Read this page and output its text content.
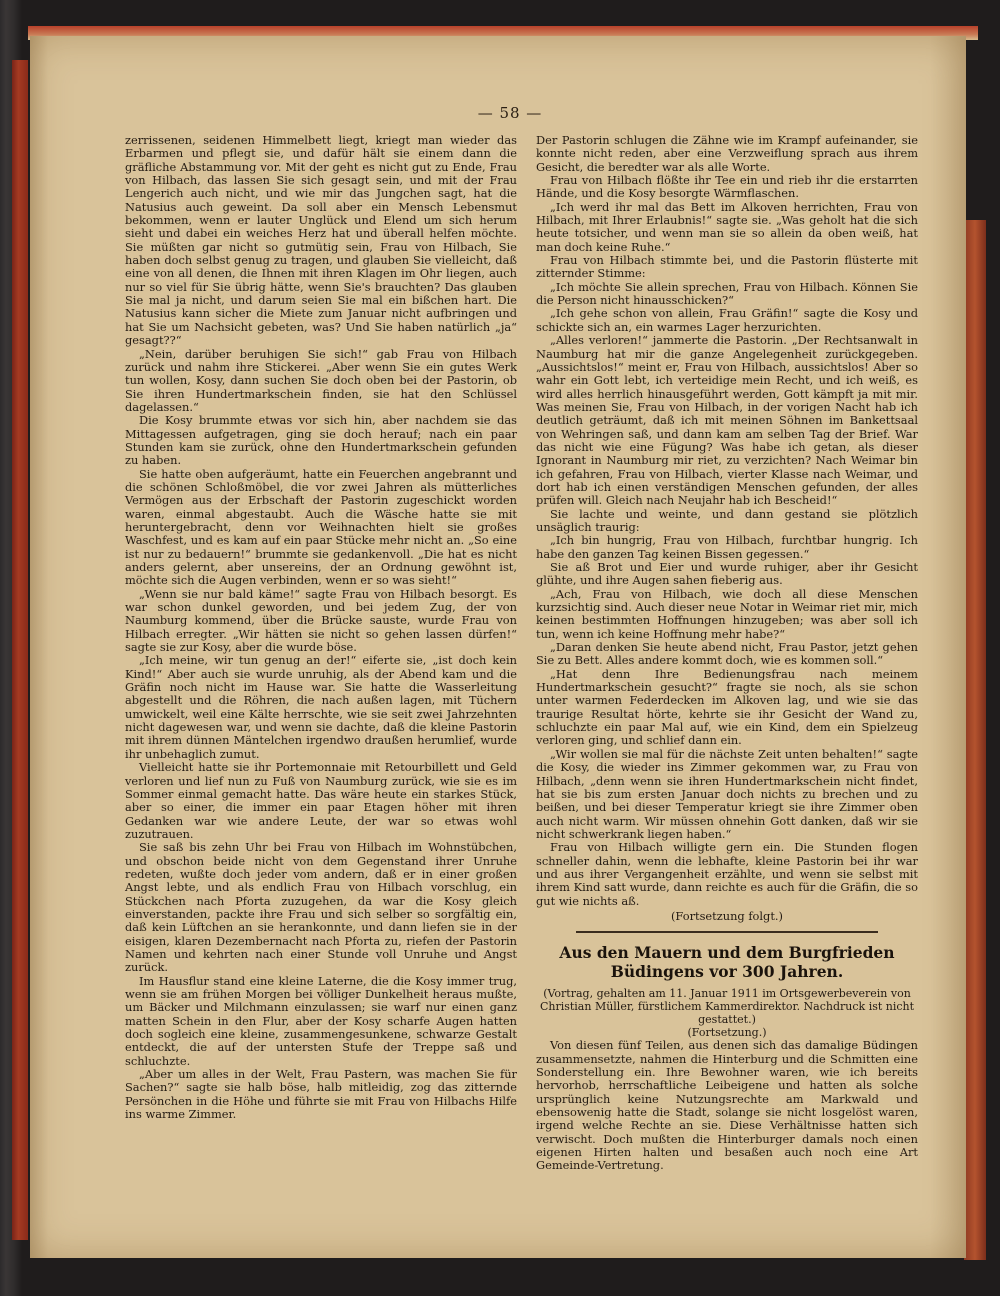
— 58 —

zerrissenen, seidenen Himmelbett liegt, kriegt man wieder das Erbarmen und pflegt sie, und dafür hält sie einem dann die gräfliche Abstammung vor. Mit der geht es nicht gut zu Ende, Frau von Hilbach, das lassen Sie sich gesagt sein, und mit der Frau Lengerich auch nicht, und wie mir das Jungchen sagt, hat die Natusius auch geweint. Da soll aber ein Mensch Lebensmut bekommen, wenn er lauter Unglück und Elend um sich herum sieht und dabei ein weiches Herz hat und überall helfen möchte. Sie müßten gar nicht so gutmütig sein, Frau von Hilbach, Sie haben doch selbst genug zu tragen, und glauben Sie vielleicht, daß eine von all denen, die Ihnen mit ihren Klagen im Ohr liegen, auch nur so viel für Sie übrig hätte, wenn Sie's brauchten? Das glauben Sie mal ja nicht, und darum seien Sie mal ein bißchen hart. Die Natusius kann sicher die Miete zum Januar nicht aufbringen und hat Sie um Nachsicht gebeten, was? Und Sie haben natürlich „ja“ gesagt??“

„Nein, darüber beruhigen Sie sich!“ gab Frau von Hilbach zurück und nahm ihre Stickerei. „Aber wenn Sie ein gutes Werk tun wollen, Kosy, dann suchen Sie doch oben bei der Pastorin, ob Sie ihren Hundertmarkschein finden, sie hat den Schlüssel dagelassen.“

Die Kosy brummte etwas vor sich hin, aber nachdem sie das Mittagessen aufgetragen, ging sie doch herauf; nach ein paar Stunden kam sie zurück, ohne den Hundertmarkschein gefunden zu haben.

Sie hatte oben aufgeräumt, hatte ein Feuerchen angebrannt und die schönen Schloßmöbel, die vor zwei Jahren als mütterliches Vermögen aus der Erbschaft der Pastorin zugeschickt worden waren, einmal abgestaubt. Auch die Wäsche hatte sie mit heruntergebracht, denn vor Weihnachten hielt sie großes Waschfest, und es kam auf ein paar Stücke mehr nicht an. „So eine ist nur zu bedauern!“ brummte sie gedankenvoll. „Die hat es nicht anders gelernt, aber unsereins, der an Ordnung gewöhnt ist, möchte sich die Augen verbinden, wenn er so was sieht!“

„Wenn sie nur bald käme!“ sagte Frau von Hilbach besorgt. Es war schon dunkel geworden, und bei jedem Zug, der von Naumburg kommend, über die Brücke sauste, wurde Frau von Hilbach erregter. „Wir hätten sie nicht so gehen lassen dürfen!“ sagte sie zur Kosy, aber die wurde böse.

„Ich meine, wir tun genug an der!“ eiferte sie, „ist doch kein Kind!“ Aber auch sie wurde unruhig, als der Abend kam und die Gräfin noch nicht im Hause war. Sie hatte die Wasserleitung abgestellt und die Röhren, die nach außen lagen, mit Tüchern umwickelt, weil eine Kälte herrschte, wie sie seit zwei Jahrzehnten nicht dagewesen war, und wenn sie dachte, daß die kleine Pastorin mit ihrem dünnen Mäntelchen irgendwo draußen herumlief, wurde ihr unbehaglich zumut.

Vielleicht hatte sie ihr Portemonnaie mit Retourbillett und Geld verloren und lief nun zu Fuß von Naumburg zurück, wie sie es im Sommer einmal gemacht hatte. Das wäre heute ein starkes Stück, aber so einer, die immer ein paar Etagen höher mit ihren Gedanken war wie andere Leute, der war so etwas wohl zuzutrauen.

Sie saß bis zehn Uhr bei Frau von Hilbach im Wohnstübchen, und obschon beide nicht von dem Gegenstand ihrer Unruhe redeten, wußte doch jeder vom andern, daß er in einer großen Angst lebte, und als endlich Frau von Hilbach vorschlug, ein Stückchen nach Pforta zuzugehen, da war die Kosy gleich einverstanden, packte ihre Frau und sich selber so sorgfältig ein, daß kein Lüftchen an sie herankonnte, und dann liefen sie in der eisigen, klaren Dezembernacht nach Pforta zu, riefen der Pastorin Namen und kehrten nach einer Stunde voll Unruhe und Angst zurück.

Im Hausflur stand eine kleine Laterne, die die Kosy immer trug, wenn sie am frühen Morgen bei völliger Dunkelheit heraus mußte, um Bäcker und Milchmann einzulassen; sie warf nur einen ganz matten Schein in den Flur, aber der Kosy scharfe Augen hatten doch sogleich eine kleine, zusammengesunkene, schwarze Gestalt entdeckt, die auf der untersten Stufe der Treppe saß und schluchzte.

„Aber um alles in der Welt, Frau Pastern, was machen Sie für Sachen?“ sagte sie halb böse, halb mitleidig, zog das zitternde Persönchen in die Höhe und führte sie mit Frau von Hilbachs Hilfe ins warme Zimmer.

Der Pastorin schlugen die Zähne wie im Krampf aufeinander, sie konnte nicht reden, aber eine Verzweiflung sprach aus ihrem Gesicht, die beredter war als alle Worte.

Frau von Hilbach flößte ihr Tee ein und rieb ihr die erstarrten Hände, und die Kosy besorgte Wärmflaschen.

„Ich werd ihr mal das Bett im Alkoven herrichten, Frau von Hilbach, mit Ihrer Erlaubnis!“ sagte sie. „Was geholt hat die sich heute totsicher, und wenn man sie so allein da oben weiß, hat man doch keine Ruhe.“

Frau von Hilbach stimmte bei, und die Pastorin flüsterte mit zitternder Stimme:

„Ich möchte Sie allein sprechen, Frau von Hilbach. Können Sie die Person nicht hinausschicken?“

„Ich gehe schon von allein, Frau Gräfin!“ sagte die Kosy und schickte sich an, ein warmes Lager herzurichten.

„Alles verloren!“ jammerte die Pastorin. „Der Rechtsanwalt in Naumburg hat mir die ganze Angelegenheit zurückgegeben. „Aussichtslos!“ meint er, Frau von Hilbach, aussichtslos! Aber so wahr ein Gott lebt, ich verteidige mein Recht, und ich weiß, es wird alles herrlich hinausgeführt werden, Gott kämpft ja mit mir. Was meinen Sie, Frau von Hilbach, in der vorigen Nacht hab ich deutlich geträumt, daß ich mit meinen Söhnen im Bankettsaal von Wehringen saß, und dann kam am selben Tag der Brief. War das nicht wie eine Fügung? Was habe ich getan, als dieser Ignorant in Naumburg mir riet, zu verzichten? Nach Weimar bin ich gefahren, Frau von Hilbach, vierter Klasse nach Weimar, und dort hab ich einen verständigen Menschen gefunden, der alles prüfen will. Gleich nach Neujahr hab ich Bescheid!“

Sie lachte und weinte, und dann gestand sie plötzlich unsäglich traurig:

„Ich bin hungrig, Frau von Hilbach, furchtbar hungrig. Ich habe den ganzen Tag keinen Bissen gegessen.“

Sie aß Brot und Eier und wurde ruhiger, aber ihr Gesicht glühte, und ihre Augen sahen fieberig aus.

„Ach, Frau von Hilbach, wie doch all diese Menschen kurzsichtig sind. Auch dieser neue Notar in Weimar riet mir, mich keinen bestimmten Hoffnungen hinzugeben; was aber soll ich tun, wenn ich keine Hoffnung mehr habe?“

„Daran denken Sie heute abend nicht, Frau Pastor, jetzt gehen Sie zu Bett. Alles andere kommt doch, wie es kommen soll.“

„Hat denn Ihre Bedienungsfrau nach meinem Hundertmarkschein gesucht?“ fragte sie noch, als sie schon unter warmen Federdecken im Alkoven lag, und wie sie das traurige Resultat hörte, kehrte sie ihr Gesicht der Wand zu, schluchzte ein paar Mal auf, wie ein Kind, dem ein Spielzeug verloren ging, und schlief dann ein.

„Wir wollen sie mal für die nächste Zeit unten behalten!“ sagte die Kosy, die wieder ins Zimmer gekommen war, zu Frau von Hilbach, „denn wenn sie ihren Hundertmarkschein nicht findet, hat sie bis zum ersten Januar doch nichts zu brechen und zu beißen, und bei dieser Temperatur kriegt sie ihre Zimmer oben auch nicht warm. Wir müssen ohnehin Gott danken, daß wir sie nicht schwerkrank liegen haben.“

Frau von Hilbach willigte gern ein. Die Stunden flogen schneller dahin, wenn die lebhafte, kleine Pastorin bei ihr war und aus ihrer Vergangenheit erzählte, und wenn sie selbst mit ihrem Kind satt wurde, dann reichte es auch für die Gräfin, die so gut wie nichts aß.

(Fortsetzung folgt.)

Aus den Mauern und dem Burgfrieden Büdingens vor 300 Jahren.

(Vortrag, gehalten am 11. Januar 1911 im Ortsgewerbeverein von Christian Müller, fürstlichem Kammerdirektor. Nachdruck ist nicht gestattet.)

(Fortsetzung.)

Von diesen fünf Teilen, aus denen sich das damalige Büdingen zusammensetzte, nahmen die Hinterburg und die Schmitten eine Sonderstellung ein. Ihre Bewohner waren, wie ich bereits hervorhob, herrschaftliche Leibeigene und hatten als solche ursprünglich keine Nutzungsrechte am Markwald und ebensowenig hatte die Stadt, solange sie nicht losgelöst waren, irgend welche Rechte an sie. Diese Verhältnisse hatten sich verwischt. Doch mußten die Hinterburger damals noch einen eigenen Hirten halten und besaßen auch noch eine Art Gemeinde-Vertretung.
